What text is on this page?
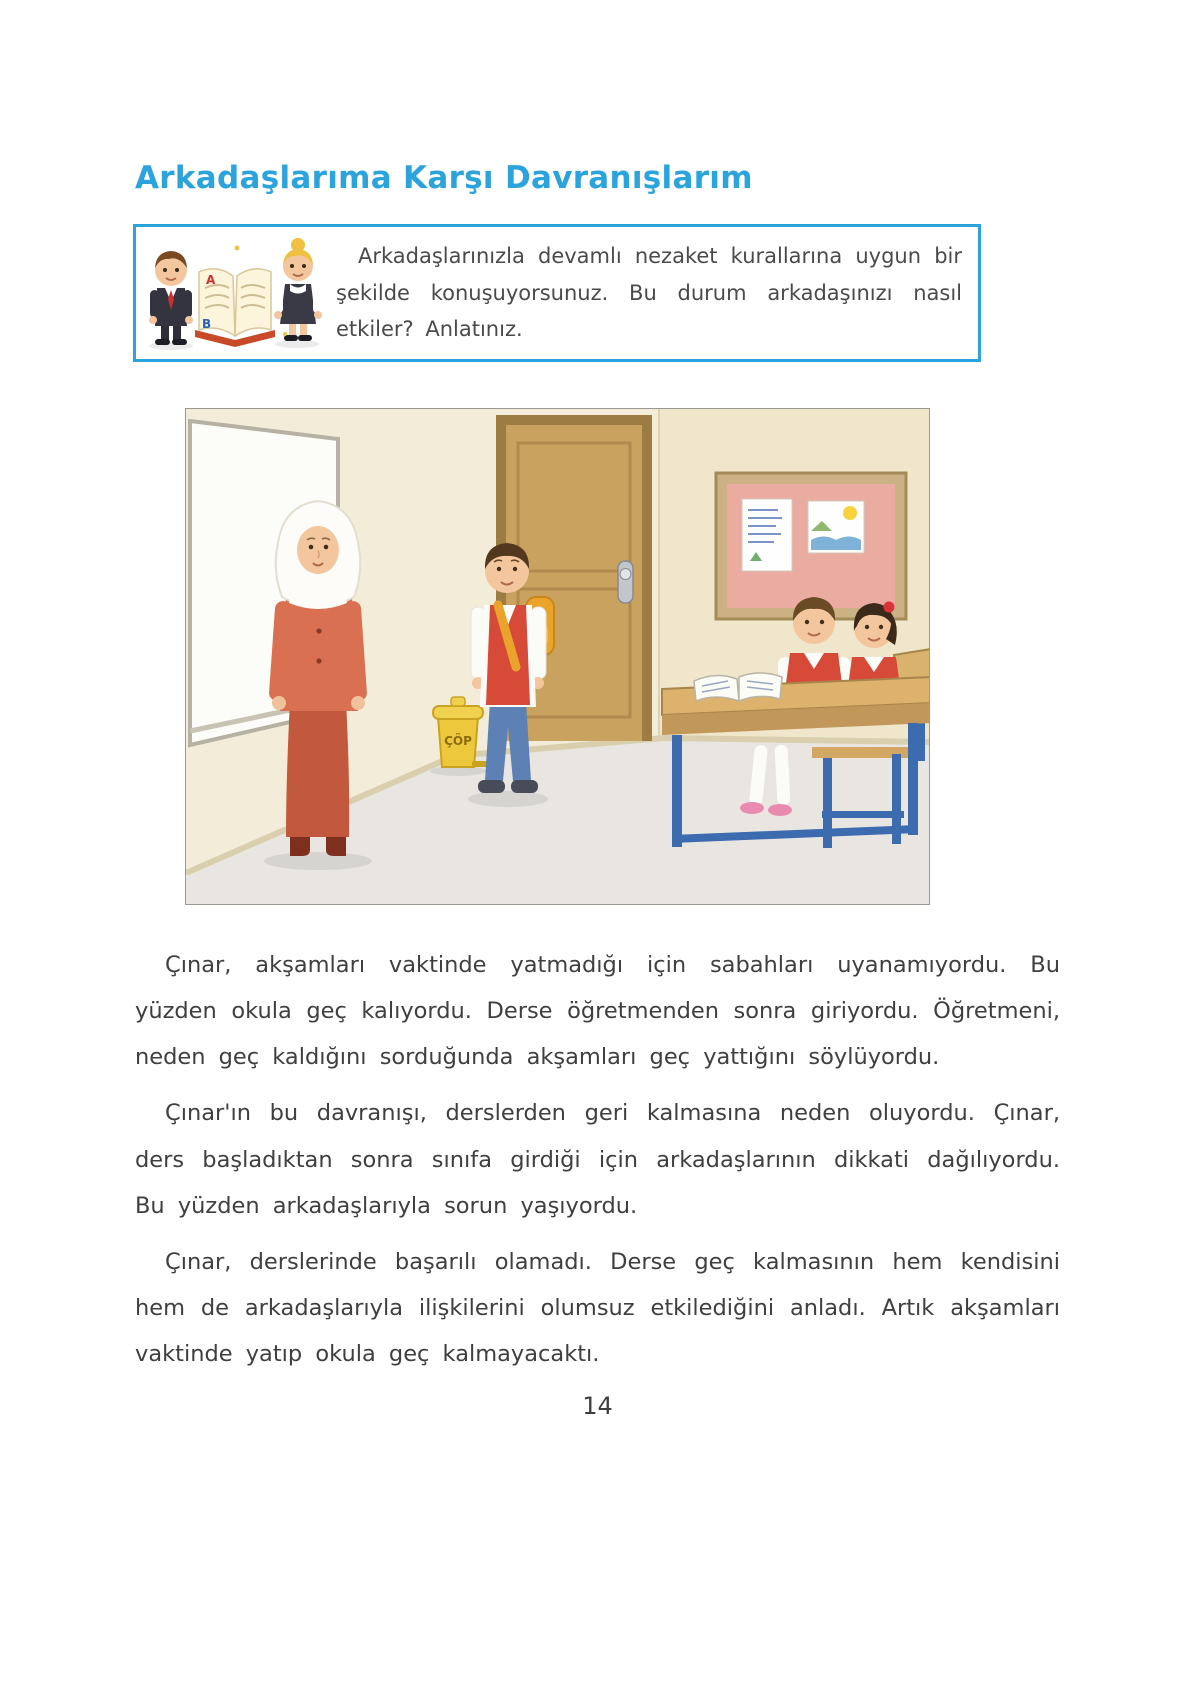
Arkadaşlarıma Karşı Davranışlarım
A
B

Arkadaşlarınızla devamlı nezaket kurallarına uygun bir şekilde konuşuyorsunuz. Bu durum arkadaşınızı nasıl etkiler? Anlatınız.

ÇÖP

Çınar, akşamları vaktinde yatmadığı için sabahları uyanamıyordu. Bu yüzden okula geç kalıyordu. Derse öğretmenden sonra giriyordu. Öğretmeni, neden geç kaldığını sorduğunda akşamları geç yattığını söylüyordu.

Çınar'ın bu davranışı, derslerden geri kalmasına neden oluyordu. Çınar, ders başladıktan sonra sınıfa girdiği için arkadaşlarının dikkati dağılıyordu. Bu yüzden arkadaşlarıyla sorun yaşıyordu.

Çınar, derslerinde başarılı olamadı. Derse geç kalmasının hem kendisini hem de arkadaşlarıyla ilişkilerini olumsuz etkilediğini anladı. Artık akşamları vaktinde yatıp okula geç kalmayacaktı.

14
